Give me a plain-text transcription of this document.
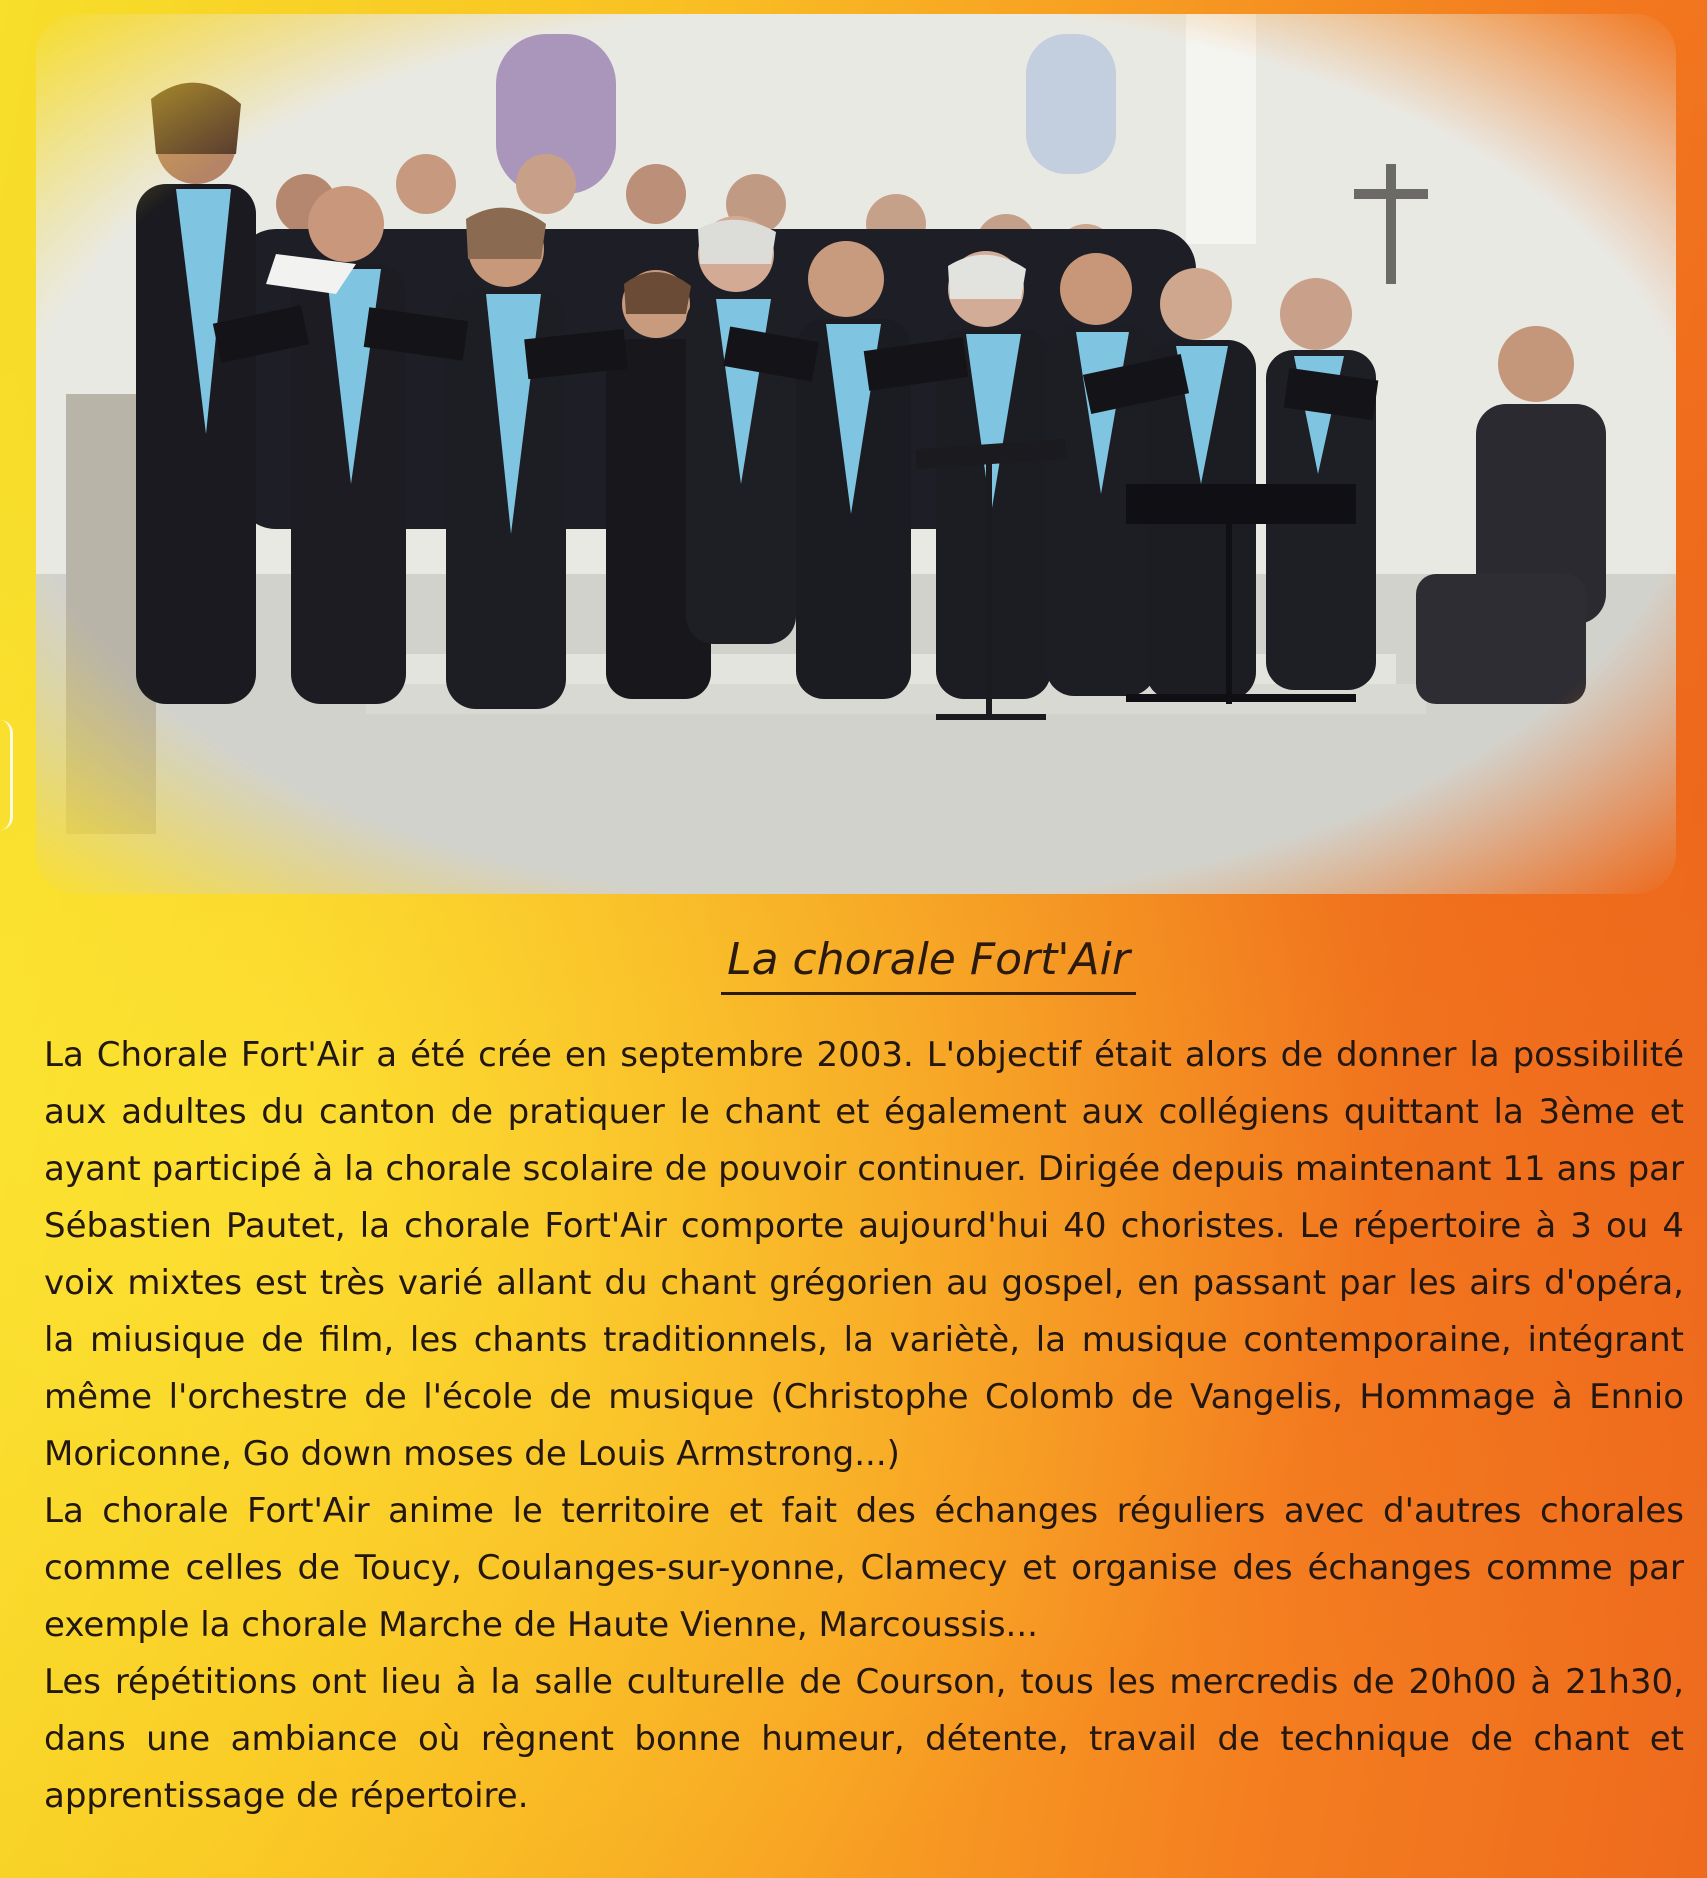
La chorale Fort'Air

La Chorale Fort'Air a été crée en septembre 2003. L'objectif était alors de donner la possibilité aux adultes du canton de pratiquer le chant et également aux collégiens quittant la 3ème et ayant participé à la chorale scolaire de pouvoir continuer. Dirigée depuis maintenant 11 ans par Sébastien Pautet, la chorale Fort'Air comporte aujourd'hui 40 choristes. Le répertoire à 3 ou 4 voix mixtes est très varié allant du chant grégorien au gospel, en passant par les airs d'opéra, la miusique de film, les chants traditionnels, la variètè, la musique contemporaine, intégrant même l'orchestre de l'école de musique (Christophe Colomb de Vangelis, Hommage à Ennio Moriconne, Go down moses de Louis Armstrong...)

La chorale Fort'Air anime le territoire et fait des échanges réguliers avec d'autres chorales comme celles de Toucy, Coulanges-sur-yonne, Clamecy et organise des échanges comme par exemple la chorale Marche de Haute Vienne, Marcoussis...

Les répétitions ont lieu à la salle culturelle de Courson, tous les mercredis de 20h00 à 21h30, dans une ambiance où règnent bonne humeur, détente, travail de technique de chant et apprentissage de répertoire.
